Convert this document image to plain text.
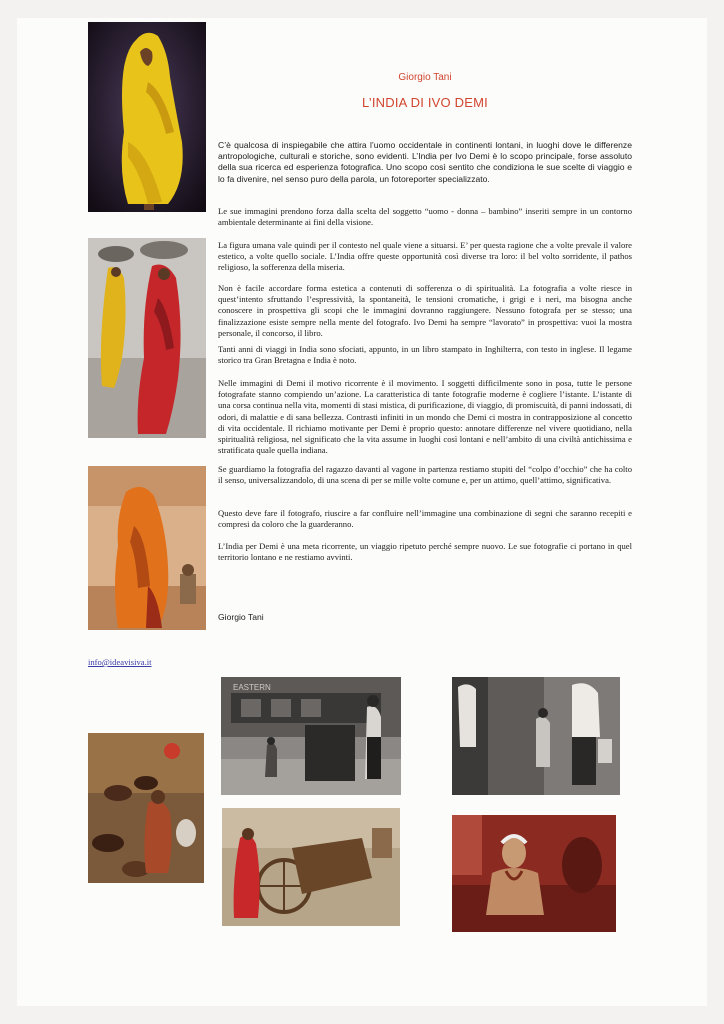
EASTERN
Giorgio Tani
L’INDIA DI IVO DEMI

C’è qualcosa di inspiegabile che attira l’uomo occidentale in continenti lontani, in luoghi dove le differenze antropologiche, culturali e storiche, sono evidenti. L’India per Ivo Demi è lo scopo principale, forse assoluto della sua ricerca ed esperienza fotografica. Uno scopo così sentito che condiziona le sue scelte di viaggio e lo fa divenire, nel senso puro della parola, un fotoreporter specializzato.

Le sue immagini prendono forza dalla scelta del soggetto “uomo - donna – bambino” inseriti sempre in un contorno ambientale determinante ai fini della visione.

La figura umana vale quindi per il contesto nel quale viene a situarsi. E’ per questa ragione che a volte prevale il valore estetico, a volte quello sociale. L’India offre queste opportunità così diverse tra loro: il bel volto sorridente, il pathos religioso, la sofferenza della miseria.

Non è facile accordare forma estetica a contenuti di sofferenza o di spiritualità. La fotografia a volte riesce in quest’intento sfruttando l’espressività, la spontaneità, le tensioni cromatiche, i grigi e i neri, ma bisogna anche conoscere in prospettiva gli scopi che le immagini dovranno raggiungere. Nessuno fotografa per se stesso; una finalizzazione esiste sempre nella mente del fotografo. Ivo Demi ha sempre “lavorato” in prospettiva: vuoi la mostra personale, il concorso, il libro.

Tanti anni di viaggi in India sono sfociati, appunto, in un libro stampato in Inghilterra, con testo in inglese. Il legame storico tra Gran Bretagna e India è noto.

Nelle immagini di Demi il motivo ricorrente è il movimento. I soggetti difficilmente sono in posa, tutte le persone fotografate stanno compiendo un’azione. La caratteristica di tante fotografie moderne è cogliere l’istante. L’istante di una corsa continua nella vita, momenti di stasi mistica, di purificazione, di viaggio, di promiscuità, di panni indossati, di odori, di malattie e di sana bellezza. Contrasti infiniti in un mondo che Demi ci mostra in contrapposizione al concetto di vita occidentale. Il richiamo motivante per Demi è proprio questo: annotare differenze nel vivere quotidiano, nella spiritualità religiosa, nel significato che la vita assume in luoghi così lontani e nell’ambito di una civiltà antichissima e stratificata quale quella indiana.

Se guardiamo la fotografia del ragazzo davanti al vagone in partenza restiamo stupiti del “colpo d’occhio” che ha colto il senso, universalizzandolo, di una scena di per se mille volte comune e, per un attimo, quell’attimo, significativa.

Questo deve fare il fotografo, riuscire a far confluire nell’immagine una combinazione di segni che saranno recepiti e compresi da coloro che la guarderanno.

L’India per Demi è una meta ricorrente, un viaggio ripetuto perché sempre nuovo. Le sue fotografie ci portano in quel territorio lontano e ne restiamo avvinti.

Giorgio Tani
info@ideavisiva.it
